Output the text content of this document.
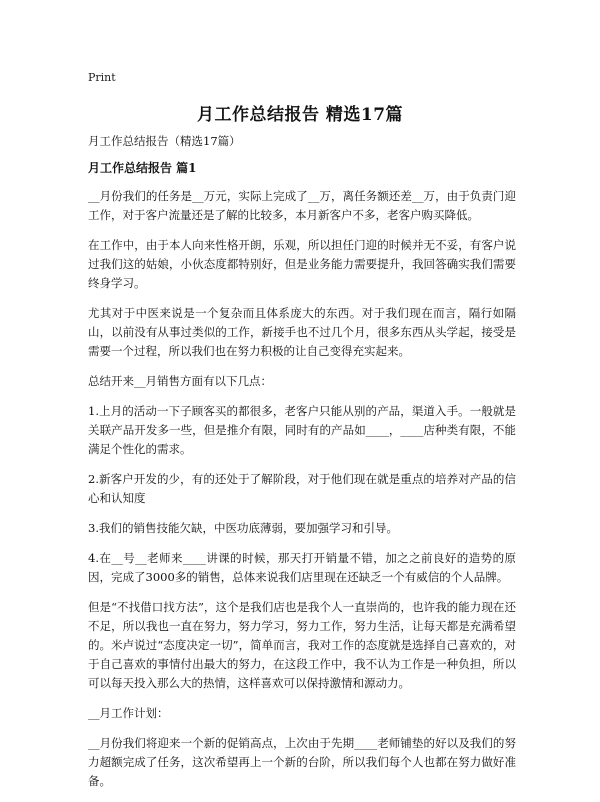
Print
月工作总结报告 精选17篇

月工作总结报告（精选17篇）

月工作总结报告 篇1

__月份我们的任务是__万元，实际上完成了__万，离任务额还差__万，由于负责门迎工作，对于客户流量还是了解的比较多，本月新客户不多，老客户购买降低。

在工作中，由于本人向来性格开朗，乐观，所以担任门迎的时候并无不妥，有客户说过我们这的姑娘，小伙态度都特别好，但是业务能力需要提升，我回答确实我们需要终身学习。

尤其对于中医来说是一个复杂而且体系庞大的东西。对于我们现在而言，隔行如隔山，以前没有从事过类似的工作，新接手也不过几个月，很多东西从头学起，接受是需要一个过程，所以我们也在努力积极的让自己变得充实起来。

总结开来__月销售方面有以下几点：

1.上月的活动一下子顾客买的都很多，老客户只能从别的产品，渠道入手。一般就是关联产品开发多一些，但是推介有限，同时有的产品如____，____店种类有限，不能满足个性化的需求。

2.新客户开发的少，有的还处于了解阶段，对于他们现在就是重点的培养对产品的信心和认知度

3.我们的销售技能欠缺，中医功底薄弱，要加强学习和引导。

4.在__号__老师来____讲课的时候，那天打开销量不错，加之之前良好的造势的原因，完成了3000多的销售，总体来说我们店里现在还缺乏一个有威信的个人品牌。

但是“不找借口找方法”，这个是我们店也是我个人一直崇尚的，也许我的能力现在还不足，所以我也一直在努力，努力学习，努力工作，努力生活，让每天都是充满希望的。米卢说过“态度决定一切”，简单而言，我对工作的态度就是选择自己喜欢的，对于自己喜欢的事情付出最大的努力，在这段工作中，我不认为工作是一种负担，所以可以每天投入那么大的热情，这样喜欢可以保持激情和源动力。

__月工作计划：

__月份我们将迎来一个新的促销高点，上次由于先期____老师铺垫的好以及我们的努力超额完成了任务，这次希望再上一个新的台阶，所以我们每个人也都在努力做好准备。
